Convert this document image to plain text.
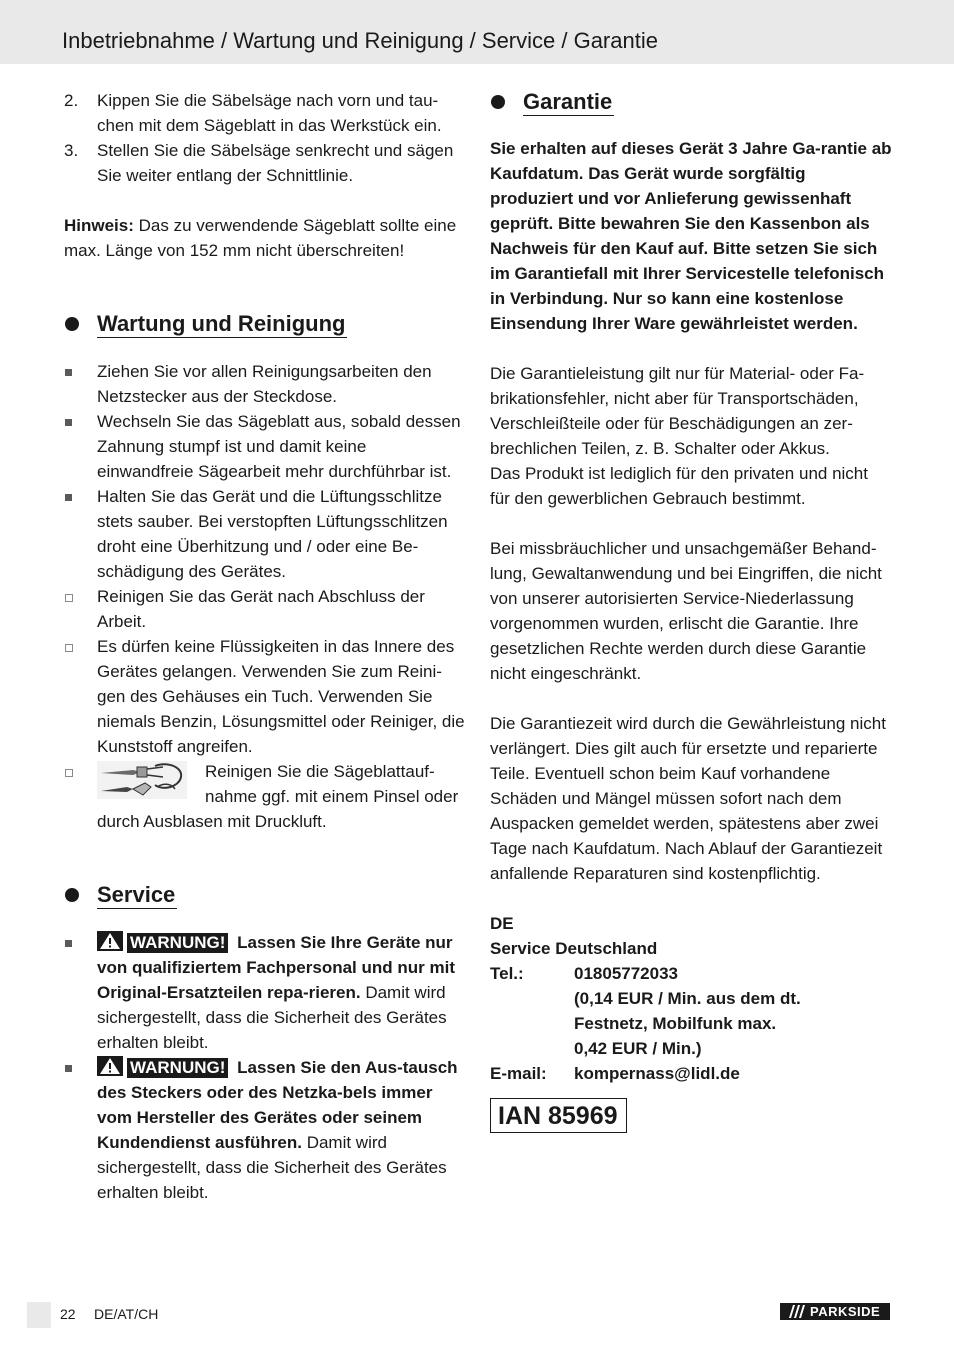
Inbetriebnahme / Wartung und Reinigung / Service / Garantie
2. Kippen Sie die Säbelsäge nach vorn und tau-chen mit dem Sägeblatt in das Werkstück ein.
3. Stellen Sie die Säbelsäge senkrecht und sägen Sie weiter entlang der Schnittlinie.
Hinweis: Das zu verwendende Sägeblatt sollte eine max. Länge von 152 mm nicht überschreiten!
Wartung und Reinigung
Ziehen Sie vor allen Reinigungsarbeiten den Netzstecker aus der Steckdose.
Wechseln Sie das Sägeblatt aus, sobald dessen Zahnung stumpf ist und damit keine einwandfreie Sägearbeit mehr durchführbar ist.
Halten Sie das Gerät und die Lüftungsschlitze stets sauber. Bei verstopften Lüftungsschlitzen droht eine Überhitzung und / oder eine Be-schädigung des Gerätes.
Reinigen Sie das Gerät nach Abschluss der Arbeit.
Es dürfen keine Flüssigkeiten in das Innere des Gerätes gelangen. Verwenden Sie zum Reini-gen des Gehäuses ein Tuch. Verwenden Sie niemals Benzin, Lösungsmittel oder Reiniger, die Kunststoff angreifen.
Reinigen Sie die Sägeblattauf-
nahme ggf. mit einem Pinsel oder
durch Ausblasen mit Druckluft.
Service
WARNUNG! Lassen Sie Ihre Geräte nur von qualifiziertem Fachpersonal und nur mit Original-Ersatzteilen repa-rieren. Damit wird sichergestellt, dass die Sicherheit des Gerätes erhalten bleibt.
WARNUNG! Lassen Sie den Aus-tausch des Steckers oder des Netzka-bels immer vom Hersteller des Gerätes oder seinem Kundendienst ausführen. Damit wird sichergestellt, dass die Sicherheit des Gerätes erhalten bleibt.
Garantie
Sie erhalten auf dieses Gerät 3 Jahre Ga-rantie ab Kaufdatum. Das Gerät wurde sorgfältig produziert und vor Anlieferung gewissenhaft geprüft. Bitte bewahren Sie den Kassenbon als Nachweis für den Kauf auf. Bitte setzen Sie sich im Garantiefall mit Ihrer Servicestelle telefonisch in Verbindung. Nur so kann eine kostenlose Einsendung Ihrer Ware gewährleistet werden.
Die Garantieleistung gilt nur für Material- oder Fa-brikationsfehler, nicht aber für Transportschäden, Verschleißteile oder für Beschädigungen an zer-brechlichen Teilen, z. B. Schalter oder Akkus.
Das Produkt ist lediglich für den privaten und nicht für den gewerblichen Gebrauch bestimmt.
Bei missbräuchlicher und unsachgemäßer Behand-lung, Gewaltanwendung und bei Eingriffen, die nicht von unserer autorisierten Service-Niederlassung vorgenommen wurden, erlischt die Garantie. Ihre gesetzlichen Rechte werden durch diese Garantie nicht eingeschränkt.
Die Garantiezeit wird durch die Gewährleistung nicht verlängert. Dies gilt auch für ersetzte und reparierte Teile. Eventuell schon beim Kauf vorhandene Schäden und Mängel müssen sofort nach dem Auspacken gemeldet werden, spätestens aber zwei Tage nach Kaufdatum. Nach Ablauf der Garantiezeit anfallende Reparaturen sind kostenpflichtig.
DE
Service Deutschland
Tel.:	01805772033
(0,14 EUR / Min. aus dem dt.
Festnetz, Mobilfunk max.
0,42 EUR / Min.)
E-mail: kompernass@lidl.de
IAN 85969
22 DE/AT/CH	PARKSIDE
